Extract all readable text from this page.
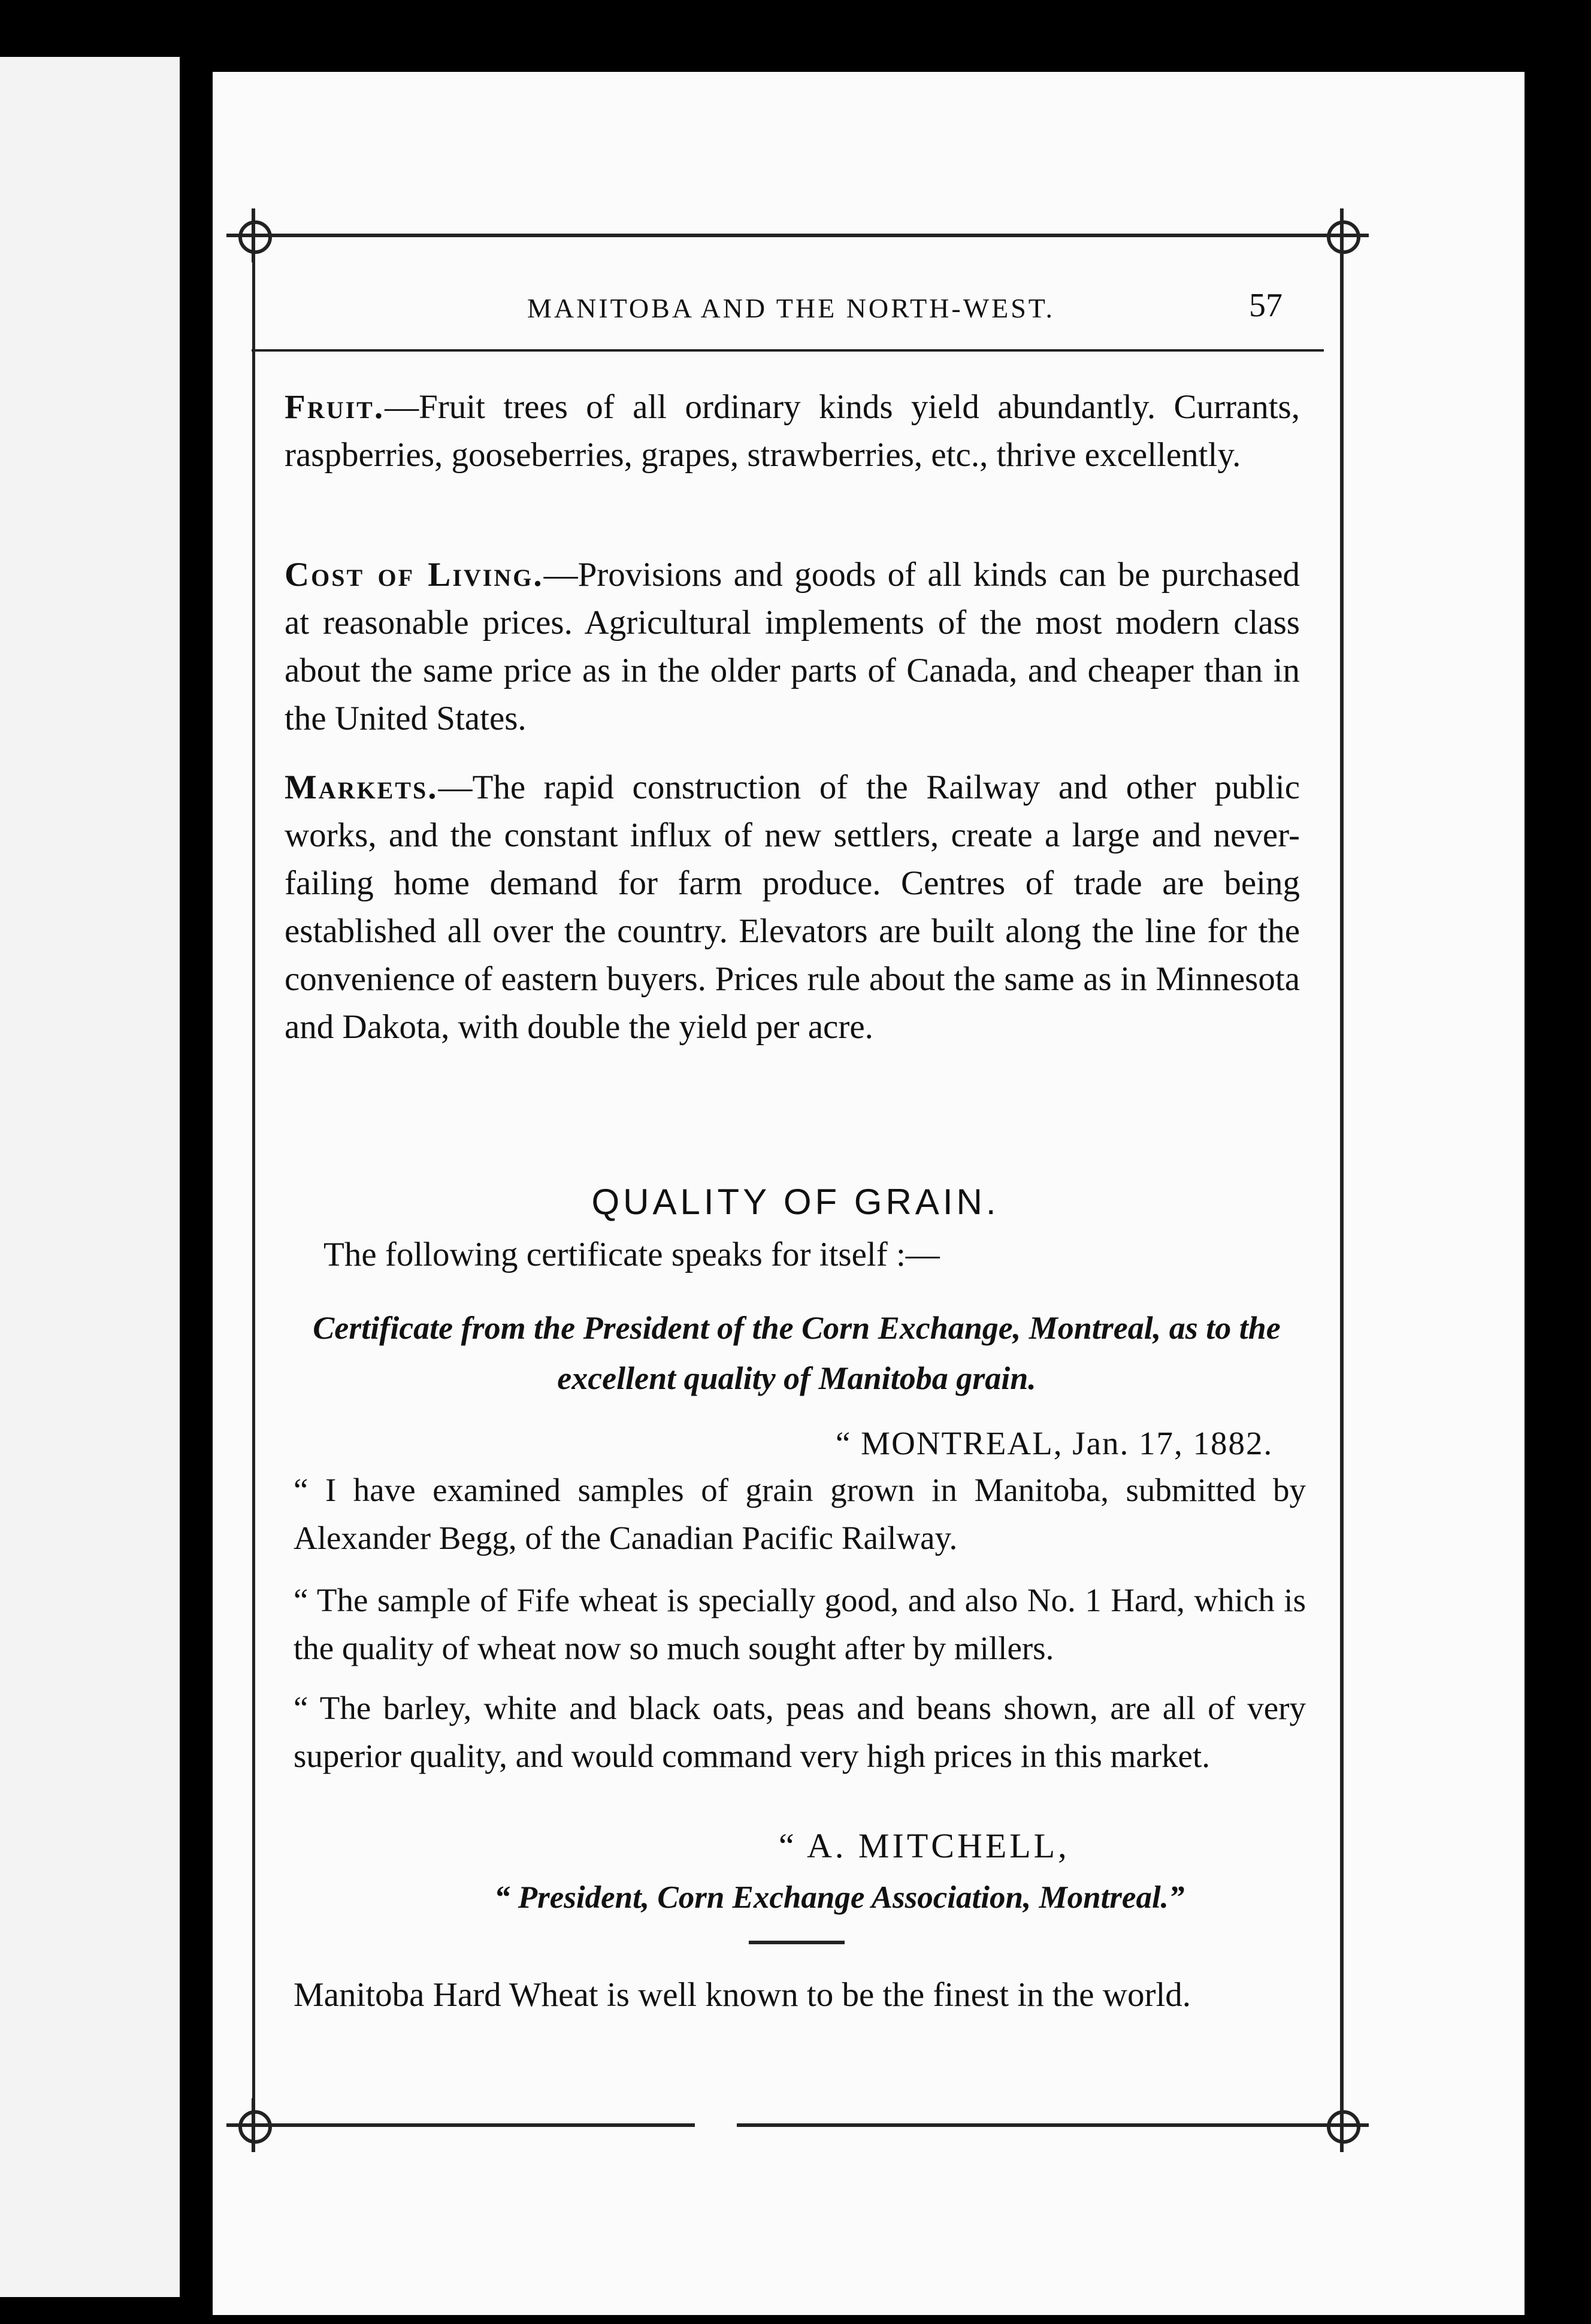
MANITOBA AND THE NORTH-WEST.	57

Fruit.—Fruit trees of all ordinary kinds yield abundantly. Currants, raspberries, gooseberries, grapes, strawberries, etc., thrive excellently.

Cost of Living.—Provisions and goods of all kinds can be purchased at reasonable prices. Agricultural implements of the most modern class about the same price as in the older parts of Canada, and cheaper than in the United States.

Markets.—The rapid construction of the Railway and other public works, and the constant influx of new settlers, create a large and never-failing home demand for farm produce. Centres of trade are being established all over the country. Elevators are built along the line for the convenience of eastern buyers. Prices rule about the same as in Minnesota and Dakota, with double the yield per acre.

QUALITY OF GRAIN.
The following certificate speaks for itself :—
Certificate from the President of the Corn Exchange, Montreal, as to the excellent quality of Manitoba grain.
“ MONTREAL, Jan. 17, 1882.

“ I have examined samples of grain grown in Manitoba, submitted by Alexander Begg, of the Canadian Pacific Railway.

“ The sample of Fife wheat is specially good, and also No. 1 Hard, which is the quality of wheat now so much sought after by millers.

“ The barley, white and black oats, peas and beans shown, are all of very superior quality, and would command very high prices in this market.

“ A. MITCHELL,
“ President, Corn Exchange Association, Montreal.”

Manitoba Hard Wheat is well known to be the finest in the world.
